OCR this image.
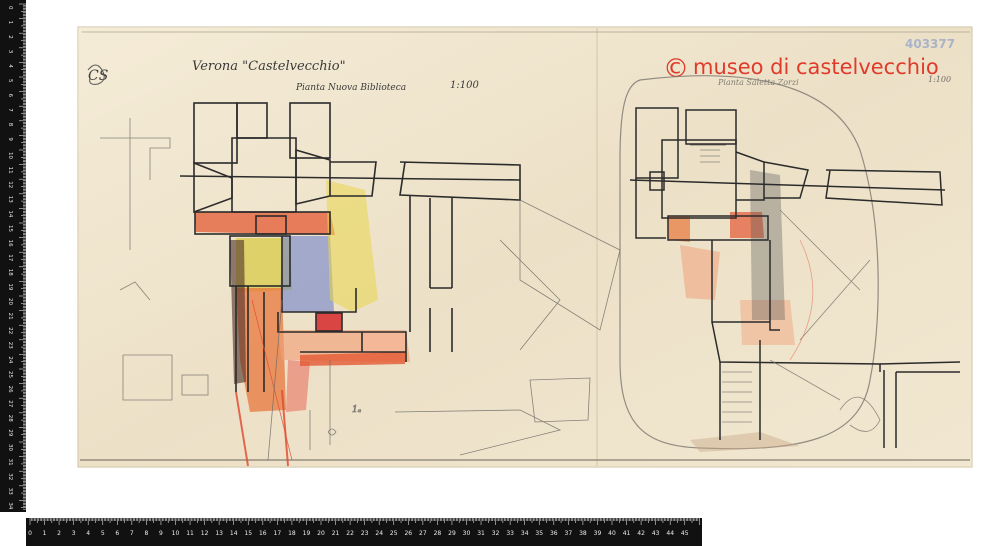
0
1
2
3
4
5
6
7
8
9
10
11
12
13
14
15
16
17
18
19
20
21
22
23
24
25
26
27
28
29
30
31
32
33
34
0 1 2 3 4 5 6 7 8 9 10 11 12 13 14 15 16 17 18 19 20 21 22 23 24 25 26 27 28 29 30 31 32 33 34 35 36 37 38 39 40 41 42 43 44 45
Verona "Castelvecchio"
Pianta Nuova Biblioteca	1:100	Pianta Saletta Zorzi	1:100
403377
CS	© museo di castelvecchio
1ₐ
